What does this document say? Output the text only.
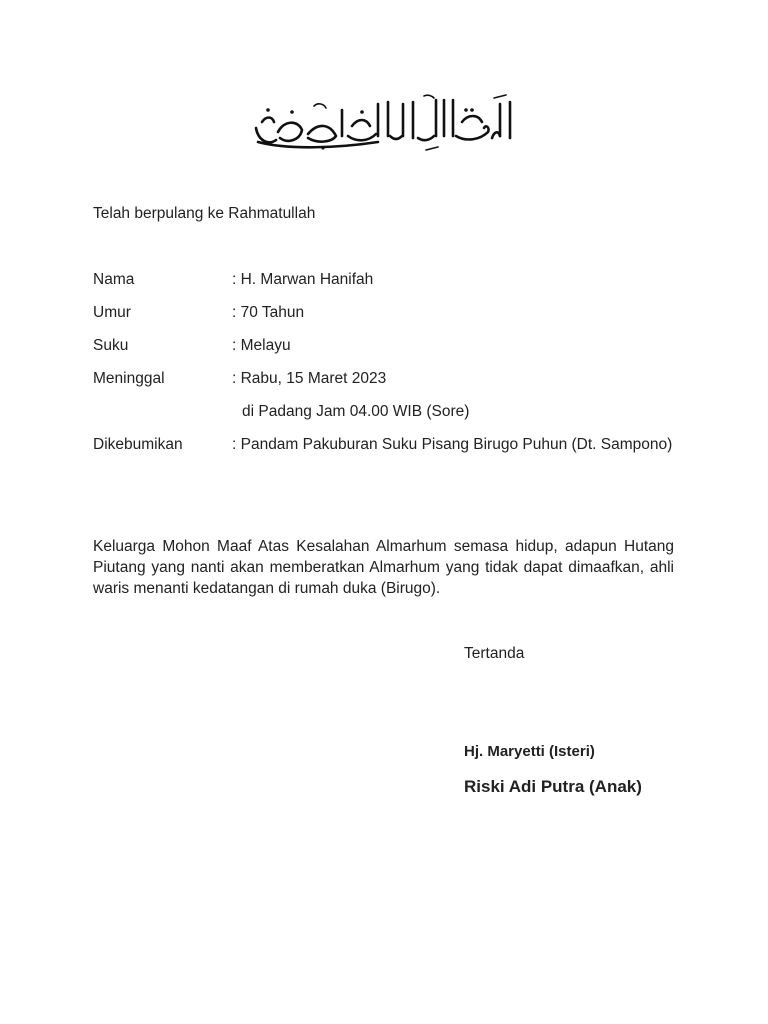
Telah berpulang ke Rahmatullah
Nama	: H. Marwan Hanifah
Umur	: 70 Tahun
Suku	: Melayu
Meninggal	: Rabu, 15 Maret 2023
di Padang Jam 04.00 WIB (Sore)
Dikebumikan	: Pandam Pakuburan Suku Pisang Birugo Puhun (Dt. Sampono)
Keluarga Mohon Maaf Atas Kesalahan Almarhum semasa hidup, adapun Hutang Piutang yang nanti akan memberatkan Almarhum yang tidak dapat dimaafkan, ahli waris menanti kedatangan di rumah duka (Birugo).
Tertanda
Hj. Maryetti (Isteri)
Riski Adi Putra (Anak)
